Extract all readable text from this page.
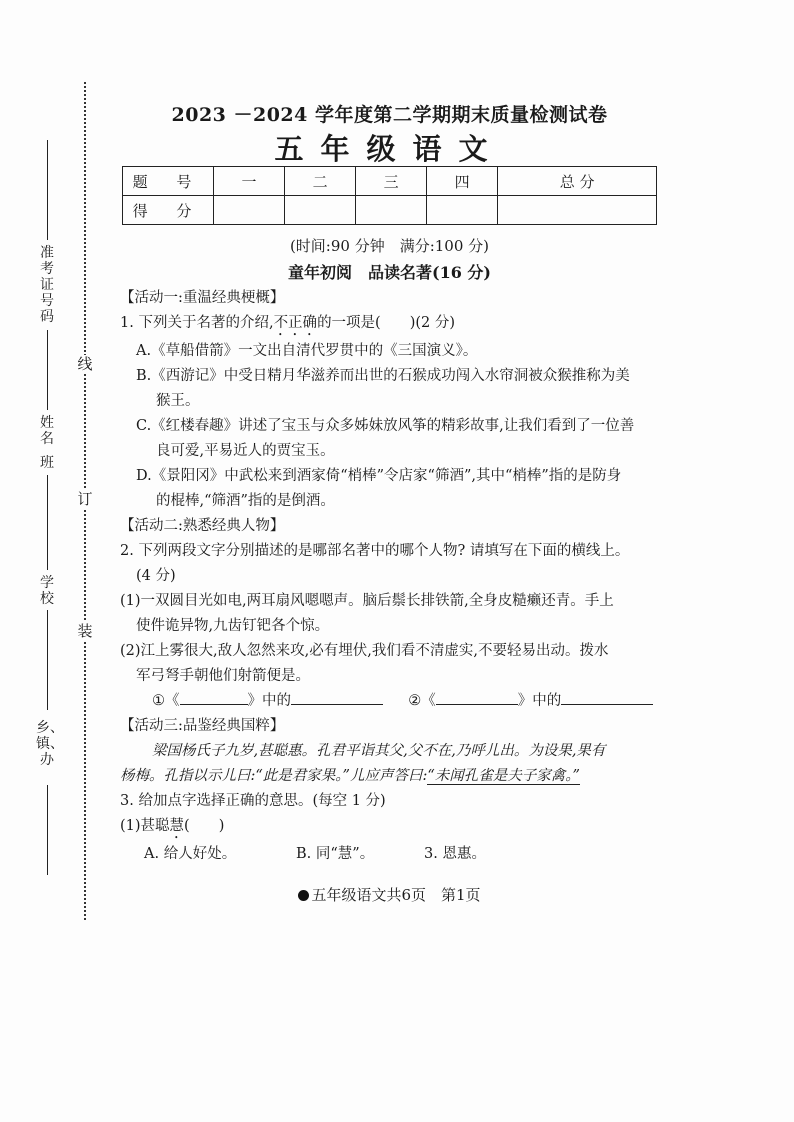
线
订
装
准考证号码
姓名
班
学校
乡、镇、办
2023 －2024 学年度第二学期期末质量检测试卷
五年级语文
题 号	一	二	三	四	总 分
得 分					
(时间:90 分钟　满分:100 分)
童年初阅　品读名著(16 分)

【活动一:重温经典梗概】

1. 下列关于名著的介绍,不正确的一项是(　　)(2 分)

A.《草船借箭》一文出自清代罗贯中的《三国演义》。

B.《西游记》中受日精月华滋养而出世的石猴成功闯入水帘洞被众猴推称为美

猴王。

C.《红楼春趣》讲述了宝玉与众多姊妹放风筝的精彩故事,让我们看到了一位善

良可爱,平易近人的贾宝玉。

D.《景阳冈》中武松来到酒家倚“梢棒”令店家“筛酒”,其中“梢棒”指的是防身

的棍棒,“筛酒”指的是倒酒。

【活动二:熟悉经典人物】

2. 下列两段文字分别描述的是哪部名著中的哪个人物? 请填写在下面的横线上。

(4 分)

(1)一双圆目光如电,两耳扇风嗯嗯声。脑后鬃长排铁箭,全身皮糙癞还青。手上

使件诡异物,九齿钉钯各个惊。

(2)江上雾很大,敌人忽然来攻,必有埋伏,我们看不清虚实,不要轻易出动。拨水

军弓弩手朝他们射箭便是。

①《	》中的	②《	》中的

【活动三:品鉴经典国粹】

梁国杨氏子九岁,甚聪惠。孔君平诣其父,父不在,乃呼儿出。为设果,果有

杨梅。孔指以示儿曰:“此是君家果。”儿应声答曰:“未闻孔雀是夫子家禽。”

3. 给加点字选择正确的意思。(每空 1 分)

(1)甚聪慧(　　)

A. 给人好处。	B. 同“慧”。	3. 恩惠。

五年级语文共6页　第1页
